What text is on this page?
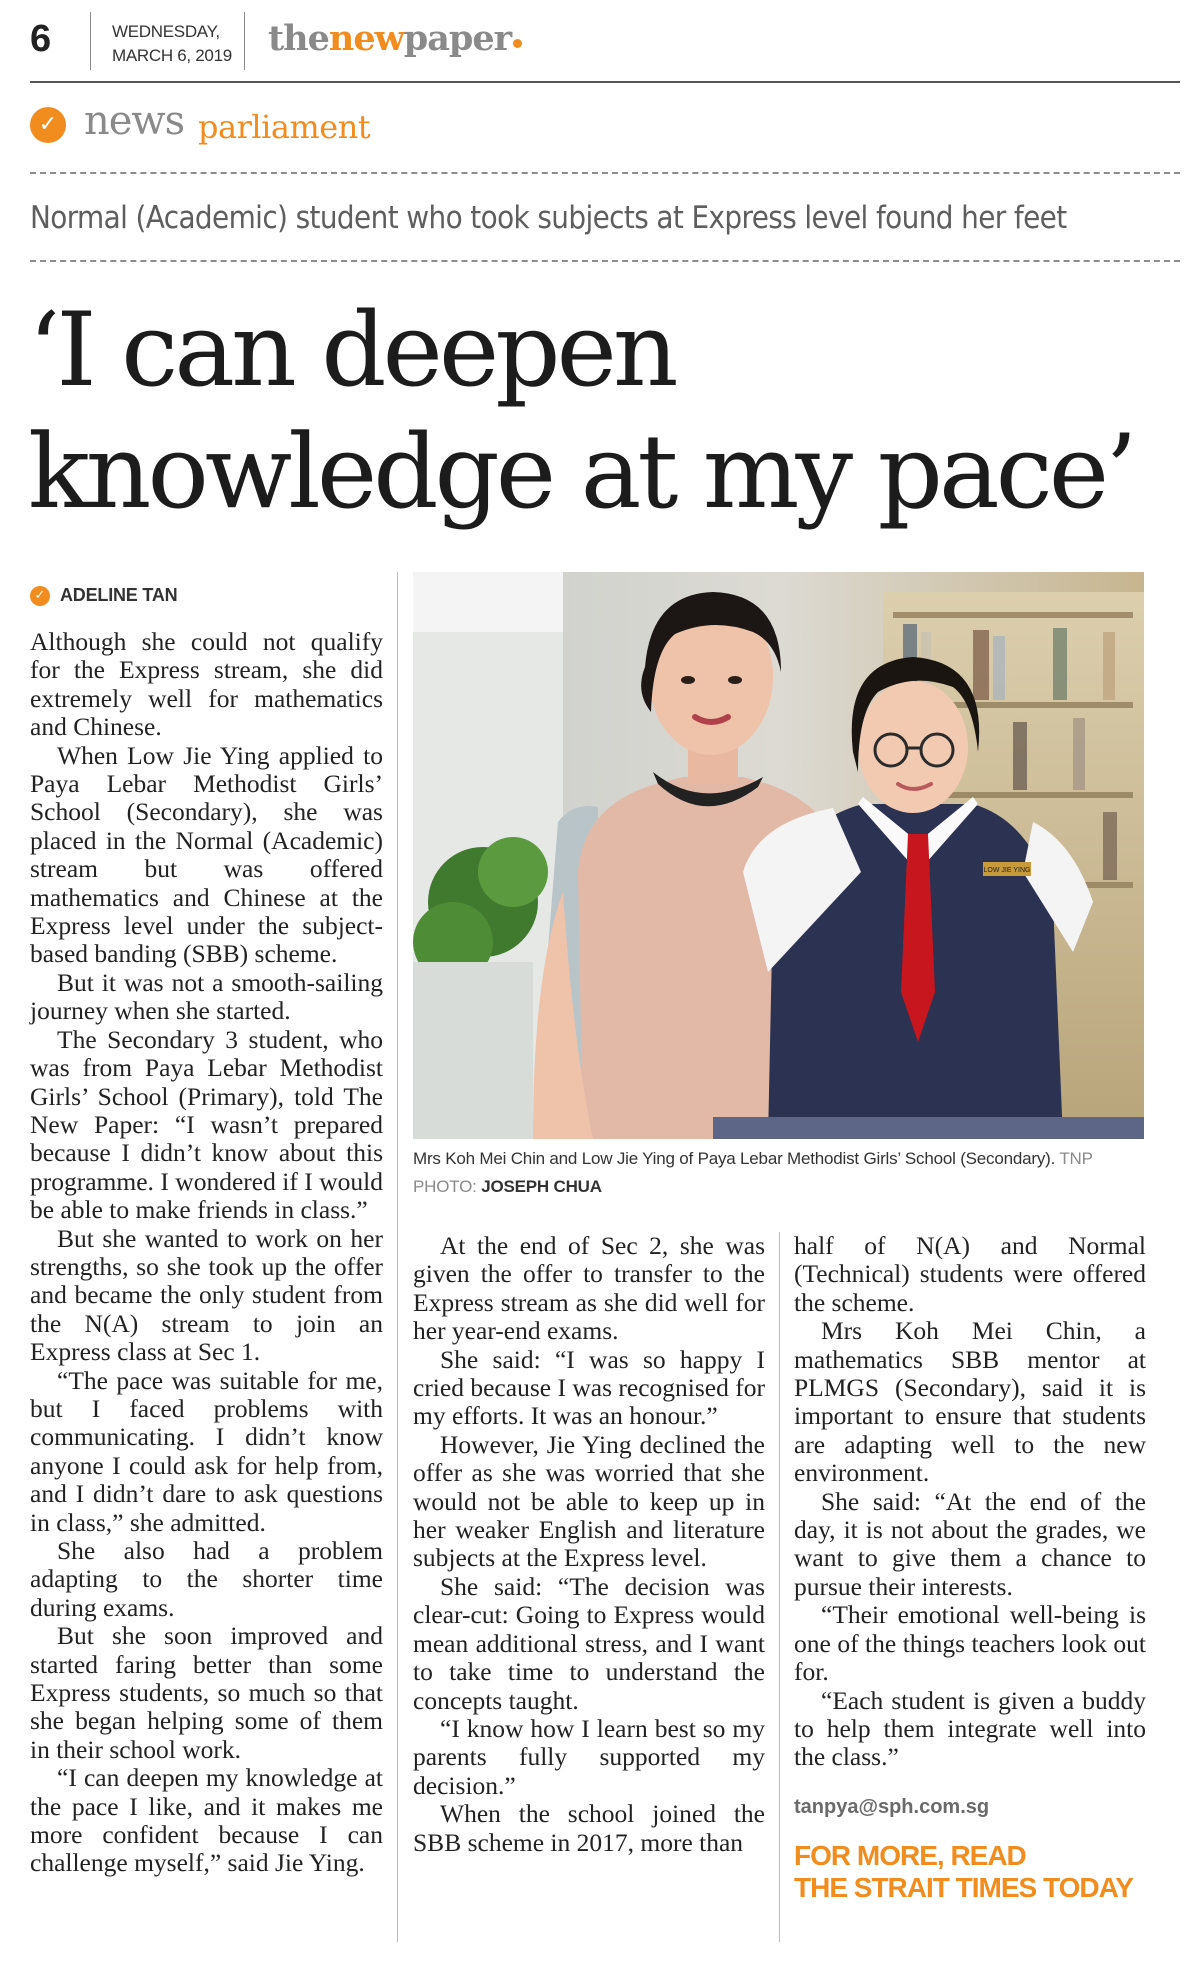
6	WEDNESDAY,
MARCH 6, 2019 thenewpaper
✓ news parliament
Normal (Academic) student who took subjects at Express level found her feet
‘I can deepen
knowledge at my pace’
✓ ADELINE TAN

Although she could not qualify for the Express stream, she did extremely well for mathematics and Chinese.

When Low Jie Ying applied to Paya Lebar Methodist Girls’ School (Secondary), she was placed in the Normal (Academic) stream but was offered mathematics and Chinese at the Express level under the subject-based banding (SBB) scheme.

But it was not a smooth-sailing journey when she started.

The Secondary 3 student, who was from Paya Lebar Methodist Girls’ School (Primary), told The New Paper: “I wasn’t prepared because I didn’t know about this programme. I wondered if I would be able to make friends in class.”

But she wanted to work on her strengths, so she took up the offer and became the only student from the N(A) stream to join an Express class at Sec 1.

“The pace was suitable for me, but I faced problems with communicating. I didn’t know anyone I could ask for help from, and I didn’t dare to ask questions in class,” she admitted.

She also had a problem adapting to the shorter time during exams.

But she soon improved and started faring better than some Express students, so much so that she began helping some of them in their school work.

“I can deepen my knowledge at the pace I like, and it makes me more confident because I can challenge myself,” said Jie Ying.

LOW JIE YING
Mrs Koh Mei Chin and Low Jie Ying of Paya Lebar Methodist Girls’ School (Secondary). TNP PHOTO: JOSEPH CHUA

At the end of Sec 2, she was given the offer to transfer to the Express stream as she did well for her year-end exams.

She said: “I was so happy I cried because I was recognised for my efforts. It was an honour.”

However, Jie Ying declined the offer as she was worried that she would not be able to keep up in her weaker English and literature subjects at the Express level.

She said: “The decision was clear-cut: Going to Express would mean additional stress, and I want to take time to understand the concepts taught.

“I know how I learn best so my parents fully supported my decision.”

When the school joined the SBB scheme in 2017, more than

half of N(A) and Normal (Technical) students were offered the scheme.

Mrs Koh Mei Chin, a mathematics SBB mentor at PLMGS (Secondary), said it is important to ensure that students are adapting well to the new environment.

She said: “At the end of the day, it is not about the grades, we want to give them a chance to pursue their interests.

“Their emotional well-being is one of the things teachers look out for.

“Each student is given a buddy to help them integrate well into the class.”

tanpya@sph.com.sg
FOR MORE, READ
THE STRAIT TIMES TODAY
